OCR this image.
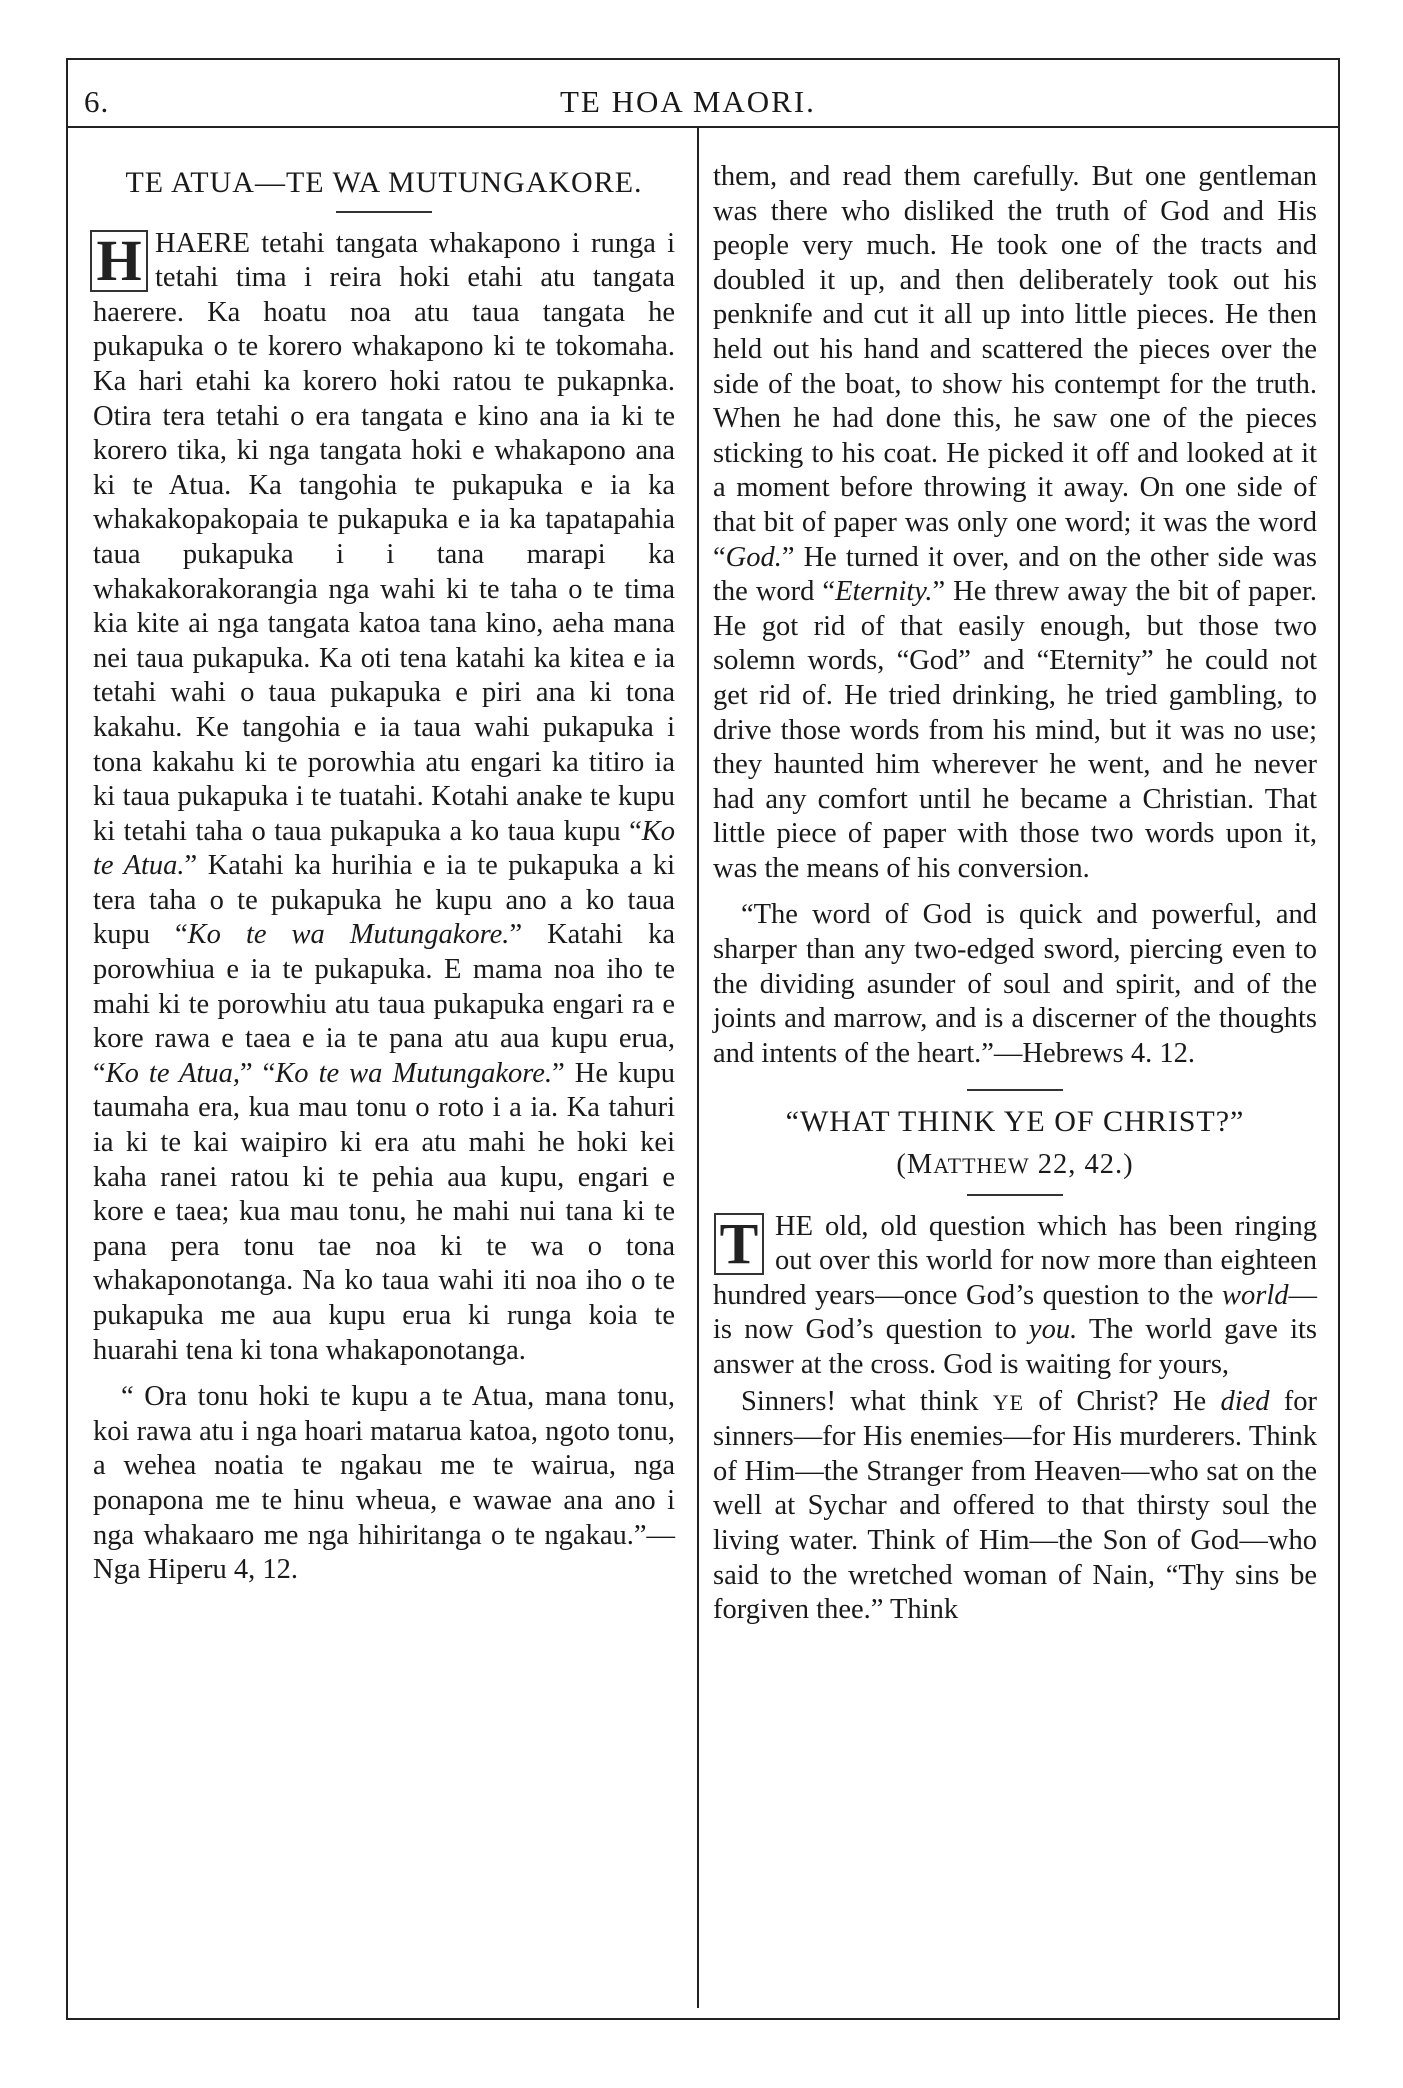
6.	TE HOA MAORI.
TE ATUA—TE WA MUTUNGAKORE.

H HAERE tetahi tangata whakapono i runga i tetahi tima i reira hoki etahi atu tangata haerere. Ka hoatu noa atu taua tangata he pukapuka o te korero whakapono ki te tokomaha. Ka hari etahi ka korero hoki ratou te pukapnka. Otira tera tetahi o era tangata e kino ana ia ki te korero tika, ki nga tangata hoki e whakapono ana ki te Atua. Ka tangohia te pukapuka e ia ka whakakopakopaia te pukapuka e ia ka tapatapahia taua pukapuka i i tana marapi ka whakakorakorangia nga wahi ki te taha o te tima kia kite ai nga tangata katoa tana kino, aeha mana nei taua pukapuka. Ka oti tena katahi ka kitea e ia tetahi wahi o taua pukapuka e piri ana ki tona kakahu. Ke tangohia e ia taua wahi pukapuka i tona kakahu ki te porowhia atu engari ka titiro ia ki taua pukapuka i te tuatahi. Kotahi anake te kupu ki tetahi taha o taua pukapuka a ko taua kupu “Ko te Atua.” Katahi ka hurihia e ia te pukapuka a ki tera taha o te pukapuka he kupu ano a ko taua kupu “Ko te wa Mutungakore.” Katahi ka porowhiua e ia te pukapuka. E mama noa iho te mahi ki te porowhiu atu taua pukapuka engari ra e kore rawa e taea e ia te pana atu aua kupu erua, “Ko te Atua,” “Ko te wa Mutungakore.” He kupu taumaha era, kua mau tonu o roto i a ia. Ka tahuri ia ki te kai waipiro ki era atu mahi he hoki kei kaha ranei ratou ki te pehia aua kupu, engari e kore e taea; kua mau tonu, he mahi nui tana ki te pana pera tonu tae noa ki te wa o tona whakaponotanga. Na ko taua wahi iti noa iho o te pukapuka me aua kupu erua ki runga koia te huarahi tena ki tona whakaponotanga.

“ Ora tonu hoki te kupu a te Atua, mana tonu, koi rawa atu i nga hoari matarua katoa, ngoto tonu, a wehea noatia te ngakau me te wairua, nga ponapona me te hinu wheua, e wawae ana ano i nga whakaaro me nga hihiritanga o te ngakau.”—Nga Hiperu 4, 12.

them, and read them carefully. But one gentleman was there who disliked the truth of God and His people very much. He took one of the tracts and doubled it up, and then deliberately took out his penknife and cut it all up into little pieces. He then held out his hand and scattered the pieces over the side of the boat, to show his contempt for the truth. When he had done this, he saw one of the pieces sticking to his coat. He picked it off and looked at it a moment before throwing it away. On one side of that bit of paper was only one word; it was the word “God.” He turned it over, and on the other side was the word “Eternity.” He threw away the bit of paper. He got rid of that easily enough, but those two solemn words, “God” and “Eternity” he could not get rid of. He tried drinking, he tried gambling, to drive those words from his mind, but it was no use; they haunted him wherever he went, and he never had any comfort until he became a Christian. That little piece of paper with those two words upon it, was the means of his conversion.

“The word of God is quick and powerful, and sharper than any two-edged sword, piercing even to the dividing asunder of soul and spirit, and of the joints and marrow, and is a discerner of the thoughts and intents of the heart.”—Hebrews 4. 12.

“WHAT THINK YE OF CHRIST?”
(MATTHEW 22, 42.)

T HE old, old question which has been ringing out over this world for now more than eighteen hundred years—once God’s question to the world—is now God’s question to you. The world gave its answer at the cross. God is waiting for yours,

Sinners! what think YE of Christ? He died for sinners—for His enemies—for His murderers. Think of Him—the Stranger from Heaven—who sat on the well at Sychar and offered to that thirsty soul the living water. Think of Him—the Son of God—who said to the wretched woman of Nain, “Thy sins be forgiven thee.” Think
